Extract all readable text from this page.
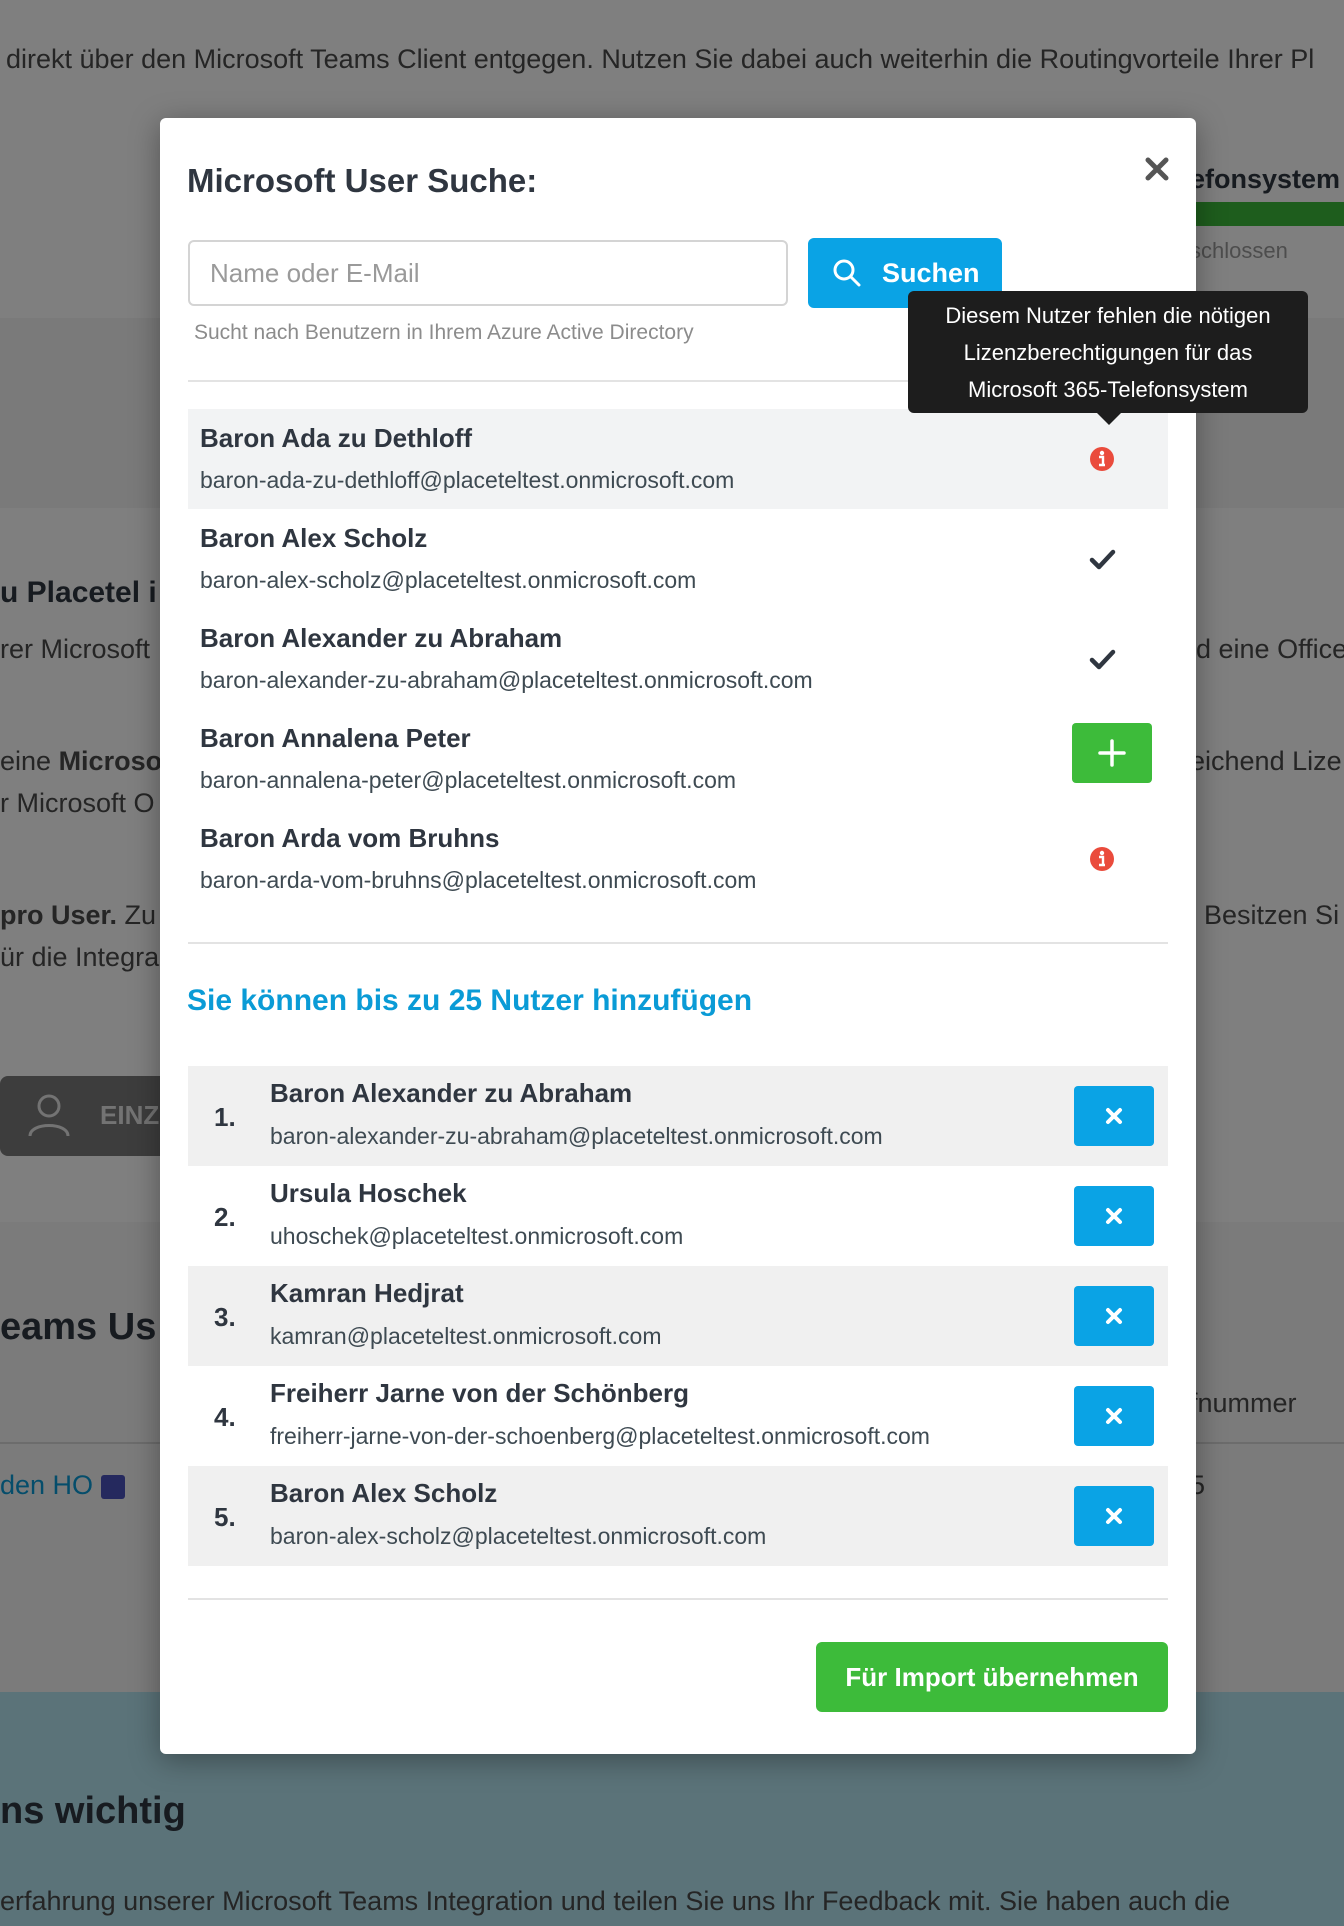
Microsoft User Suche:
Name oder E-Mail
Suchen
Sucht nach Benutzern in Ihrem Azure Active Directory
Baron Ada zu Dethloff
baron-ada-zu-dethloff@placeteltest.onmicrosoft.com
Baron Alex Scholz
baron-alex-scholz@placeteltest.onmicrosoft.com
Baron Alexander zu Abraham
baron-alexander-zu-abraham@placeteltest.onmicrosoft.com
Baron Annalena Peter
baron-annalena-peter@placeteltest.onmicrosoft.com
Baron Arda vom Bruhns
baron-arda-vom-bruhns@placeteltest.onmicrosoft.com
Sie können bis zu 25 Nutzer hinzufügen
1.
Baron Alexander zu Abraham
baron-alexander-zu-abraham@placeteltest.onmicrosoft.com
2.
Ursula Hoschek
uhoschek@placeteltest.onmicrosoft.com
3.
Kamran Hedjrat
kamran@placeteltest.onmicrosoft.com
4.
Freiherr Jarne von der Schönberg
freiherr-jarne-von-der-schoenberg@placeteltest.onmicrosoft.com
5.
Baron Alex Scholz
baron-alex-scholz@placeteltest.onmicrosoft.com
Für Import übernehmen
Diesem Nutzer fehlen die nötigen
Lizenzberechtigungen für das
Microsoft 365-Telefonsystem
